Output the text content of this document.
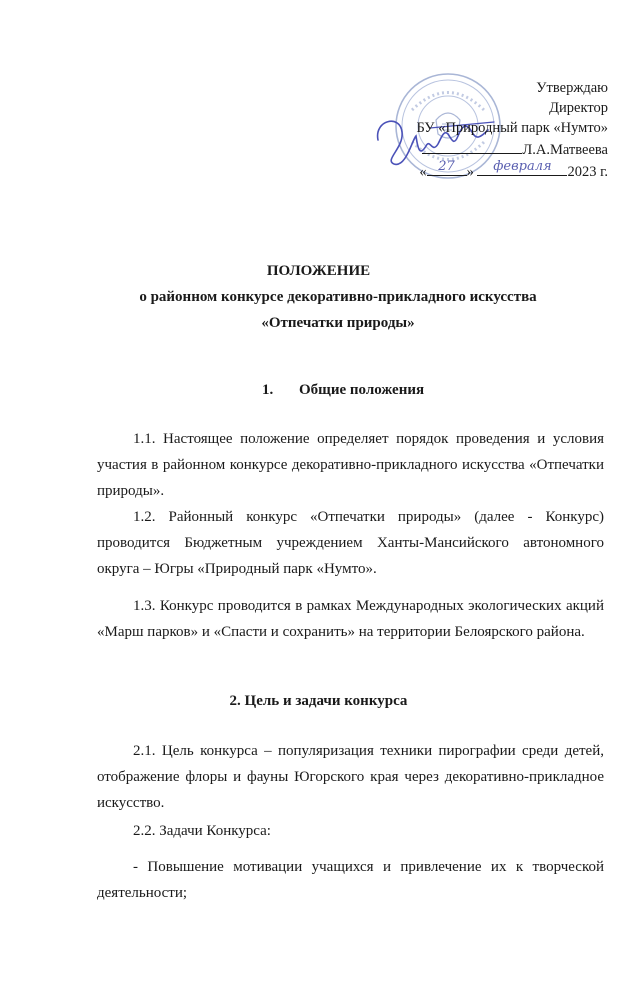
Утверждаю
Директор
БУ «Природный парк «Нумто»
Л.А.Матвеева
« 27 »	февраля	2023 г.
ПОЛОЖЕНИЕ
о районном конкурсе декоративно-прикладного искусства «Отпечатки природы»
1. Общие положения
1.1. Настоящее положение определяет порядок проведения и условия участия в районном конкурсе декоративно-прикладного искусства «Отпечатки природы».
1.2. Районный конкурс «Отпечатки природы» (далее - Конкурс) проводится Бюджетным учреждением Ханты-Мансийского автономного округа – Югры «Природный парк «Нумто».
1.3. Конкурс проводится в рамках Международных экологических акций «Марш парков» и «Спасти и сохранить» на территории Белоярского района.
2. Цель и задачи конкурса
2.1. Цель конкурса – популяризация техники пирографии среди детей, отображение флоры и фауны Югорского края через декоративно-прикладное искусство.
2.2. Задачи Конкурса:
- Повышение мотивации учащихся и привлечение их к творческой деятельности;
